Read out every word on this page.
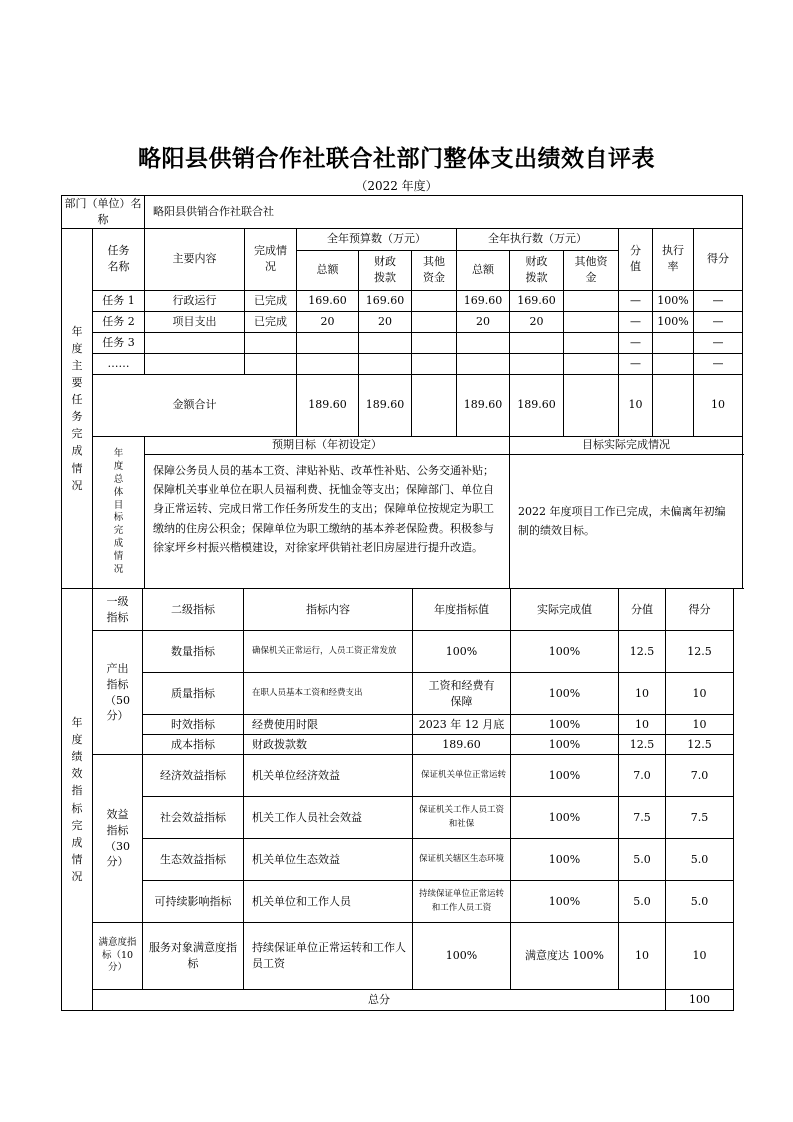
略阳县供销合作社联合社部门整体支出绩效自评表
（2022 年度）
部门（单位）名称		略阳县供销合作社联合社										

年度主要任务完成情况	任务名称	主要内容	完成情况	全年预算数（万元）			全年执行数（万元）			分值	执行率	得分
				总额	财政拨款	其他资金	总额	财政拨款	其他资金			

	任务 1	行政运行	已完成	169.60	169.60		169.60	169.60		—	100%	—
	任务 2	项目支出	已完成	20	20		20	20		—	100%	—
	任务 3									—		—
	……									—		—
	金额合计			189.60	189.60		189.60	189.60		10		10

	年度总体目标完成情况	预期目标（年初设定）						目标实际完成情况				
		保障公务员人员的基本工资、津贴补贴、改革性补贴、公务交通补贴；保障机关事业单位在职人员福利费、抚恤金等支出；保障部门、单位自身正常运转、完成日常工作任务所发生的支出；保障单位按规定为职工缴纳的住房公积金；保障单位为职工缴纳的基本养老保险费。积极参与徐家坪乡村振兴楷模建设，对徐家坪供销社老旧房屋进行提升改造。						2022 年度项目工作已完成，未偏离年初编制的绩效目标。				
年度绩效指标完成情况	一级指标	二级指标	指标内容	年度指标值	实际完成值	分值	得分	

	产出指标（50分）	数量指标	确保机关正常运行，人员工资正常发放	100%	100%	12.5	12.5	
		质量指标	在职人员基本工资和经费支出	工资和经费有保障	100%	10	10	
		时效指标	经费使用时限	2023 年 12 月底	100%	10	10	
		成本指标	财政拨款数	189.60	100%	12.5	12.5	

	效益指标（30分）	经济效益指标	机关单位经济效益	保证机关单位正常运转	100%	7.0	7.0	
		社会效益指标	机关工作人员社会效益	保证机关工作人员工资和社保	100%	7.5	7.5	
		生态效益指标	机关单位生态效益	保证机关辖区生态环境	100%	5.0	5.0	
		可持续影响指标	机关单位和工作人员	持续保证单位正常运转和工作人员工资	100%	5.0	5.0	

	满意度指标（10分）	服务对象满意度指标	持续保证单位正常运转和工作人员工资	100%	满意度达 100%	10	10	
	总分						100	
